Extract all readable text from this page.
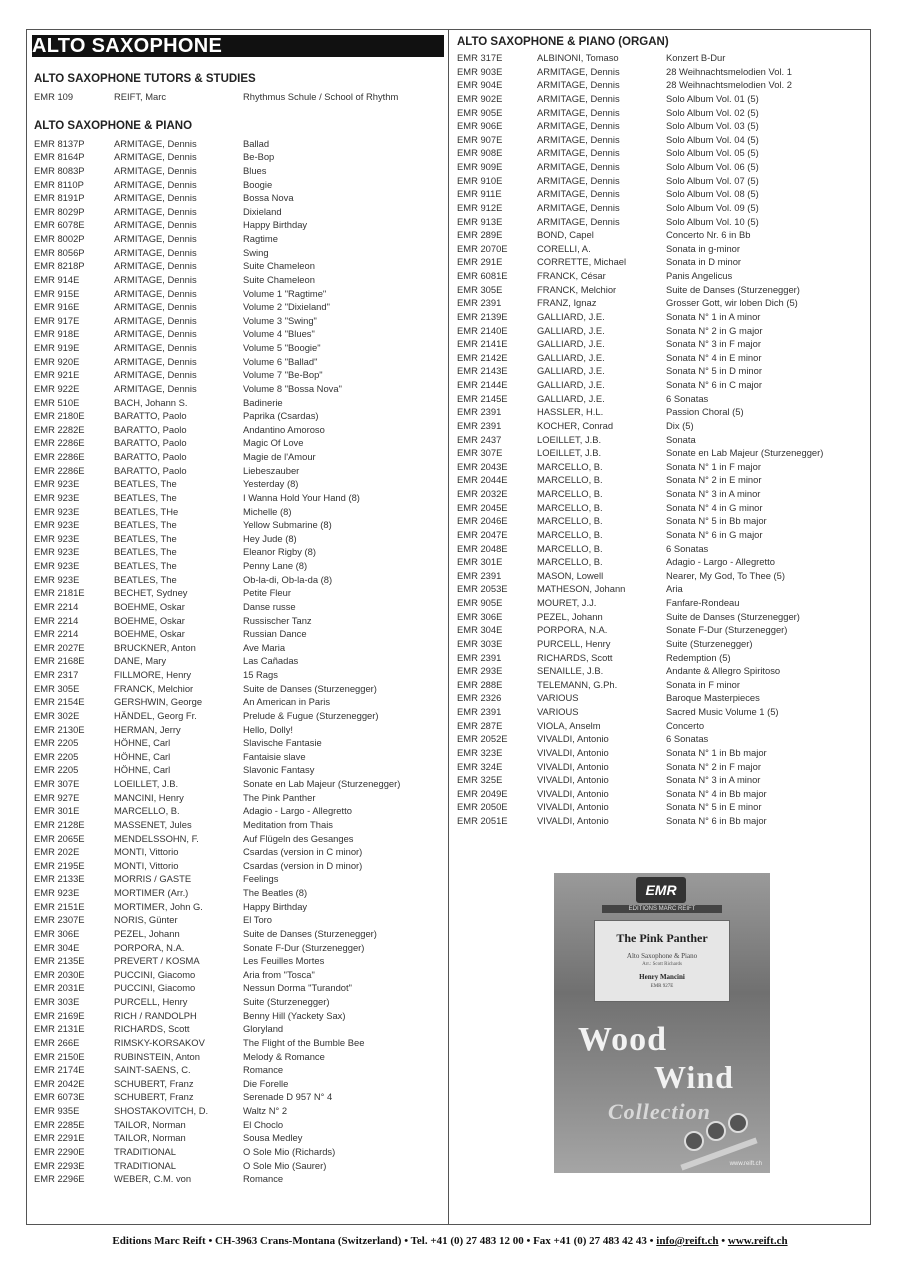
ALTO SAXOPHONE
ALTO SAXOPHONE TUTORS & STUDIES
EMR 109	REIFT, Marc	Rhythmus Schule / School of Rhythm
ALTO SAXOPHONE & PIANO
EMR 8137P	ARMITAGE, Dennis	Ballad
EMR 8164P	ARMITAGE, Dennis	Be-Bop
EMR 8083P	ARMITAGE, Dennis	Blues
EMR 8110P	ARMITAGE, Dennis	Boogie
EMR 8191P	ARMITAGE, Dennis	Bossa Nova
EMR 8029P	ARMITAGE, Dennis	Dixieland
EMR 6078E	ARMITAGE, Dennis	Happy Birthday
EMR 8002P	ARMITAGE, Dennis	Ragtime
EMR 8056P	ARMITAGE, Dennis	Swing
EMR 8218P	ARMITAGE, Dennis	Suite Chameleon
EMR 914E	ARMITAGE, Dennis	Suite Chameleon
EMR 915E	ARMITAGE, Dennis	Volume 1 "Ragtime"
EMR 916E	ARMITAGE, Dennis	Volume 2 "Dixieland"
EMR 917E	ARMITAGE, Dennis	Volume 3 "Swing"
EMR 918E	ARMITAGE, Dennis	Volume 4 "Blues"
EMR 919E	ARMITAGE, Dennis	Volume 5 "Boogie"
EMR 920E	ARMITAGE, Dennis	Volume 6 "Ballad"
EMR 921E	ARMITAGE, Dennis	Volume 7 "Be-Bop"
EMR 922E	ARMITAGE, Dennis	Volume 8 "Bossa Nova"
EMR 510E	BACH, Johann S.	Badinerie
EMR 2180E	BARATTO, Paolo	Paprika (Csardas)
EMR 2282E	BARATTO, Paolo	Andantino Amoroso
EMR 2286E	BARATTO, Paolo	Magic Of Love
EMR 2286E	BARATTO, Paolo	Magie de l'Amour
EMR 2286E	BARATTO, Paolo	Liebeszauber
EMR 923E	BEATLES, The	Yesterday (8)
EMR 923E	BEATLES, The	I Wanna Hold Your Hand (8)
EMR 923E	BEATLES, THe	Michelle (8)
EMR 923E	BEATLES, The	Yellow Submarine (8)
EMR 923E	BEATLES, The	Hey Jude (8)
EMR 923E	BEATLES, The	Eleanor Rigby (8)
EMR 923E	BEATLES, The	Penny Lane (8)
EMR 923E	BEATLES, The	Ob-la-di, Ob-la-da (8)
EMR 2181E	BECHET, Sydney	Petite Fleur
EMR 2214	BOEHME, Oskar	Danse russe
EMR 2214	BOEHME, Oskar	Russischer Tanz
EMR 2214	BOEHME, Oskar	Russian Dance
EMR 2027E	BRUCKNER, Anton	Ave Maria
EMR 2168E	DANE, Mary	Las Cañadas
EMR 2317	FILLMORE, Henry	15 Rags
EMR 305E	FRANCK, Melchior	Suite de Danses (Sturzenegger)
EMR 2154E	GERSHWIN, George	An American in Paris
EMR 302E	HÄNDEL, Georg Fr.	Prelude & Fugue (Sturzenegger)
EMR 2130E	HERMAN, Jerry	Hello, Dolly!
EMR 2205	HÖHNE, Carl	Slavische Fantasie
EMR 2205	HÖHNE, Carl	Fantaisie slave
EMR 2205	HÖHNE, Carl	Slavonic Fantasy
EMR 307E	LOEILLET, J.B.	Sonate en Lab Majeur (Sturzenegger)
EMR 927E	MANCINI, Henry	The Pink Panther
EMR 301E	MARCELLO, B.	Adagio - Largo - Allegretto
EMR 2128E	MASSENET, Jules	Meditation from Thais
EMR 2065E	MENDELSSOHN, F.	Auf Flügeln des Gesanges
EMR 202E	MONTI, Vittorio	Csardas (version in C minor)
EMR 2195E	MONTI, Vittorio	Csardas (version in D minor)
EMR 2133E	MORRIS / GASTE	Feelings
EMR 923E	MORTIMER (Arr.)	The Beatles (8)
EMR 2151E	MORTIMER, John G.	Happy Birthday
EMR 2307E	NORIS, Günter	El Toro
EMR 306E	PEZEL, Johann	Suite de Danses (Sturzenegger)
EMR 304E	PORPORA, N.A.	Sonate F-Dur (Sturzenegger)
EMR 2135E	PREVERT / KOSMA	Les Feuilles Mortes
EMR 2030E	PUCCINI, Giacomo	Aria from "Tosca"
EMR 2031E	PUCCINI, Giacomo	Nessun Dorma "Turandot"
EMR 303E	PURCELL, Henry	Suite (Sturzenegger)
EMR 2169E	RICH / RANDOLPH	Benny Hill (Yackety Sax)
EMR 2131E	RICHARDS, Scott	Gloryland
EMR 266E	RIMSKY-KORSAKOV	The Flight of the Bumble Bee
EMR 2150E	RUBINSTEIN, Anton	Melody & Romance
EMR 2174E	SAINT-SAENS, C.	Romance
EMR 2042E	SCHUBERT, Franz	Die Forelle
EMR 6073E	SCHUBERT, Franz	Serenade D 957 N° 4
EMR 935E	SHOSTAKOVITCH, D.	Waltz N° 2
EMR 2285E	TAILOR, Norman	El Choclo
EMR 2291E	TAILOR, Norman	Sousa Medley
EMR 2290E	TRADITIONAL	O Sole Mio (Richards)
EMR 2293E	TRADITIONAL	O Sole Mio (Saurer)
EMR 2296E	WEBER, C.M. von	Romance
ALTO SAXOPHONE & PIANO (ORGAN)
EMR 317E	ALBINONI, Tomaso	Konzert B-Dur
EMR 903E	ARMITAGE, Dennis	28 Weihnachtsmelodien Vol. 1
EMR 904E	ARMITAGE, Dennis	28 Weihnachtsmelodien Vol. 2
EMR 902E	ARMITAGE, Dennis	Solo Album Vol. 01 (5)
EMR 905E	ARMITAGE, Dennis	Solo Album Vol. 02 (5)
EMR 906E	ARMITAGE, Dennis	Solo Album Vol. 03 (5)
EMR 907E	ARMITAGE, Dennis	Solo Album Vol. 04 (5)
EMR 908E	ARMITAGE, Dennis	Solo Album Vol. 05 (5)
EMR 909E	ARMITAGE, Dennis	Solo Album Vol. 06 (5)
EMR 910E	ARMITAGE, Dennis	Solo Album Vol. 07 (5)
EMR 911E	ARMITAGE, Dennis	Solo Album Vol. 08 (5)
EMR 912E	ARMITAGE, Dennis	Solo Album Vol. 09 (5)
EMR 913E	ARMITAGE, Dennis	Solo Album Vol. 10 (5)
EMR 289E	BOND, Capel	Concerto Nr. 6 in Bb
EMR 2070E	CORELLI, A.	Sonata in g-minor
EMR 291E	CORRETTE, Michael	Sonata in D minor
EMR 6081E	FRANCK, César	Panis Angelicus
EMR 305E	FRANCK, Melchior	Suite de Danses (Sturzenegger)
EMR 2391	FRANZ, Ignaz	Grosser Gott, wir loben Dich (5)
EMR 2139E	GALLIARD, J.E.	Sonata N° 1 in A minor
EMR 2140E	GALLIARD, J.E.	Sonata N° 2 in G major
EMR 2141E	GALLIARD, J.E.	Sonata N° 3 in F major
EMR 2142E	GALLIARD, J.E.	Sonata N° 4 in E minor
EMR 2143E	GALLIARD, J.E.	Sonata N° 5 in D minor
EMR 2144E	GALLIARD, J.E.	Sonata N° 6 in C major
EMR 2145E	GALLIARD, J.E.	6 Sonatas
EMR 2391	HASSLER, H.L.	Passion Choral (5)
EMR 2391	KOCHER, Conrad	Dix (5)
EMR 2437	LOEILLET, J.B.	Sonata
EMR 307E	LOEILLET, J.B.	Sonate en Lab Majeur (Sturzenegger)
EMR 2043E	MARCELLO, B.	Sonata N° 1 in F major
EMR 2044E	MARCELLO, B.	Sonata N° 2 in E minor
EMR 2032E	MARCELLO, B.	Sonata N° 3 in A minor
EMR 2045E	MARCELLO, B.	Sonata N° 4 in G minor
EMR 2046E	MARCELLO, B.	Sonata N° 5 in Bb major
EMR 2047E	MARCELLO, B.	Sonata N° 6 in G major
EMR 2048E	MARCELLO, B.	6 Sonatas
EMR 301E	MARCELLO, B.	Adagio - Largo - Allegretto
EMR 2391	MASON, Lowell	Nearer, My God, To Thee (5)
EMR 2053E	MATHESON, Johann	Aria
EMR 905E	MOURET, J.J.	Fanfare-Rondeau
EMR 306E	PEZEL, Johann	Suite de Danses (Sturzenegger)
EMR 304E	PORPORA, N.A.	Sonate F-Dur (Sturzenegger)
EMR 303E	PURCELL, Henry	Suite (Sturzenegger)
EMR 2391	RICHARDS, Scott	Redemption (5)
EMR 293E	SENAILLE, J.B.	Andante & Allegro Spiritoso
EMR 288E	TELEMANN, G.Ph.	Sonata in F minor
EMR 2326	VARIOUS	Baroque Masterpieces
EMR 2391	VARIOUS	Sacred Music Volume 1 (5)
EMR 287E	VIOLA, Anselm	Concerto
EMR 2052E	VIVALDI, Antonio	6 Sonatas
EMR 323E	VIVALDI, Antonio	Sonata N° 1 in Bb major
EMR 324E	VIVALDI, Antonio	Sonata N° 2 in F major
EMR 325E	VIVALDI, Antonio	Sonata N° 3 in A minor
EMR 2049E	VIVALDI, Antonio	Sonata N° 4 in Bb major
EMR 2050E	VIVALDI, Antonio	Sonata N° 5 in E minor
EMR 2051E	VIVALDI, Antonio	Sonata N° 6 in Bb major
EMR
EDITIONS MARC REIFT
The Pink Panther
Alto Saxophone & Piano
Arr.: Scott Richards
Henry Mancini
EMR 927E
Wood
Wind
Collection
www.reift.ch
Editions Marc Reift • CH-3963 Crans-Montana (Switzerland) • Tel. +41 (0) 27 483 12 00 • Fax +41 (0) 27 483 42 43 • info@reift.ch • www.reift.ch
